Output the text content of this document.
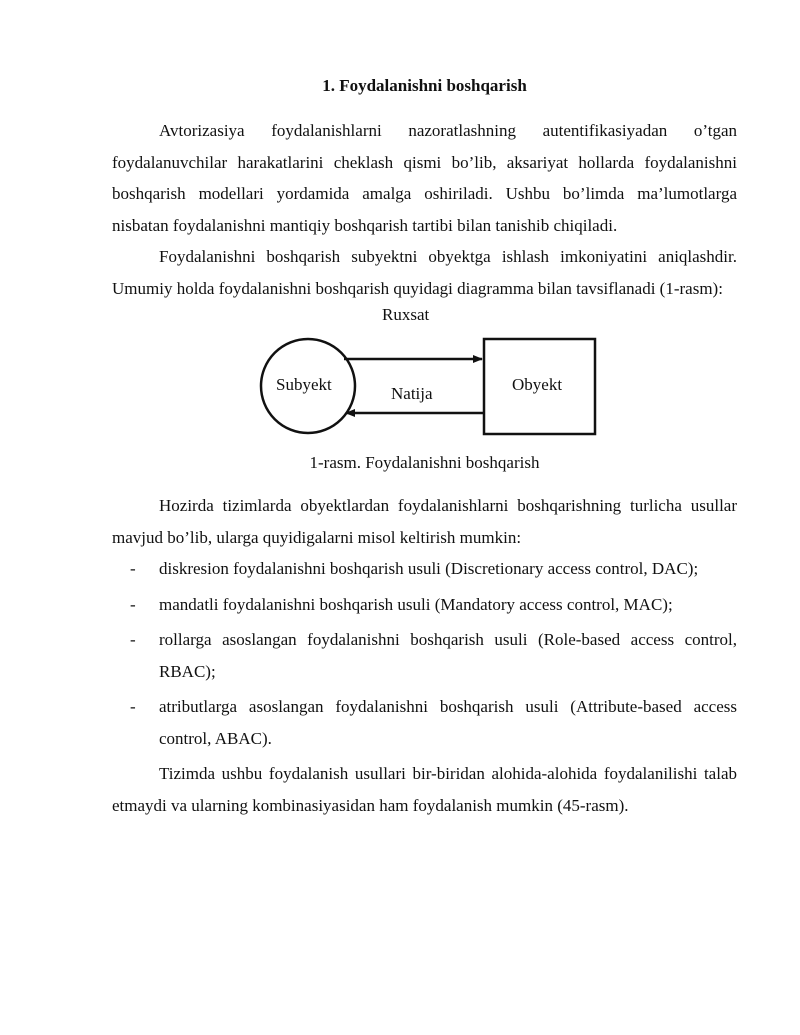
1. Foydalanishni boshqarish

Avtorizasiya foydalanishlarni nazoratlashning autentifikasiyadan o’tgan foydalanuvchilar harakatlarini cheklash qismi bo’lib, aksariyat hollarda foydalanishni boshqarish modellari yordamida amalga oshiriladi. Ushbu bo’limda ma’lumotlarga nisbatan foydalanishni mantiqiy boshqarish tartibi bilan tanishib chiqiladi.

Foydalanishni boshqarish subyektni obyektga ishlash imkoniyatini aniqlashdir. Umumiy holda foydalanishni boshqarish quyidagi diagramma bilan tavsiflanadi (1-rasm):

Ruxsat
Subyekt	Natija	Obyekt
1-rasm. Foydalanishni boshqarish

Hozirda tizimlarda obyektlardan foydalanishlarni boshqarishning turlicha usullar mavjud bo’lib, ularga quyidigalarni misol keltirish mumkin:

- diskresion foydalanishni boshqarish usuli (Discretionary access control, DAC);
- mandatli foydalanishni boshqarish usuli (Mandatory access control, MAC);
- rollarga asoslangan foydalanishni boshqarish usuli (Role-based access control, RBAC);
- atributlarga asoslangan foydalanishni boshqarish usuli (Attribute-based access control, ABAC).

Tizimda ushbu foydalanish usullari bir-biridan alohida-alohida foydalanilishi talab etmaydi va ularning kombinasiyasidan ham foydalanish mumkin (45-rasm).
